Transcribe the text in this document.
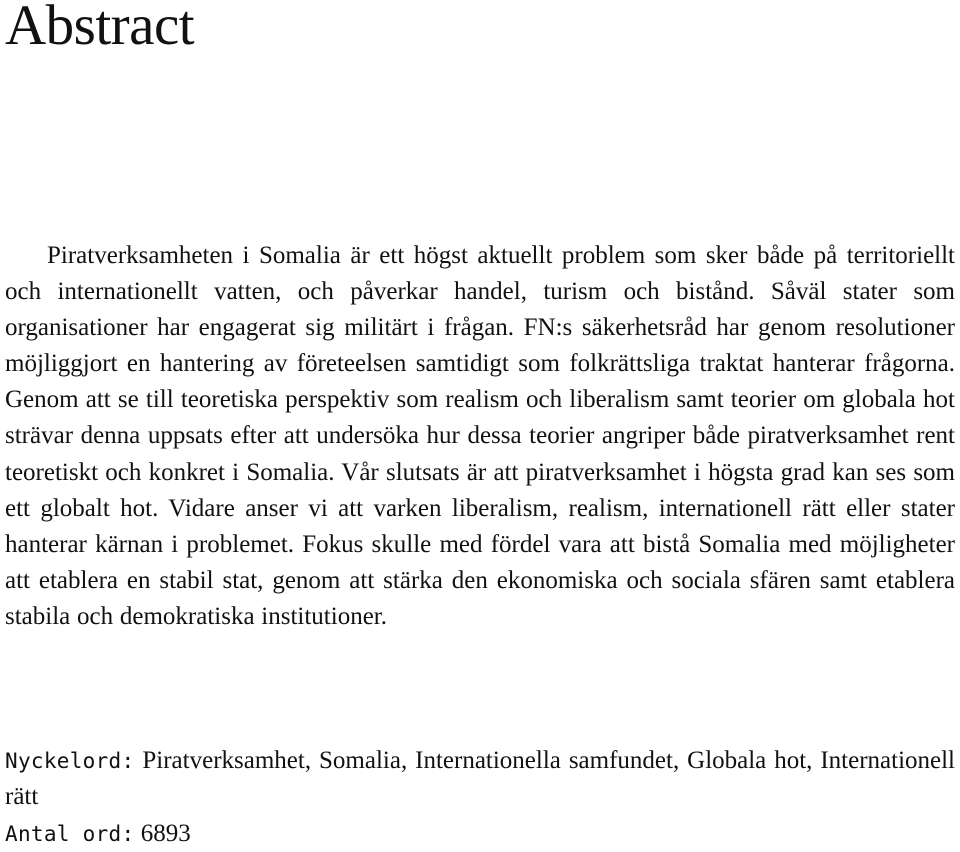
Abstract

Piratverksamheten i Somalia är ett högst aktuellt problem som sker både på territoriellt och internationellt vatten, och påverkar handel, turism och bistånd. Såväl stater som organisationer har engagerat sig militärt i frågan. FN:s säkerhetsråd har genom resolutioner möjliggjort en hantering av företeelsen samtidigt som folkrättsliga traktat hanterar frågorna. Genom att se till teoretiska perspektiv som realism och liberalism samt teorier om globala hot strävar denna uppsats efter att undersöka hur dessa teorier angriper både piratverksamhet rent teoretiskt och konkret i Somalia. Vår slutsats är att piratverksamhet i högsta grad kan ses som ett globalt hot. Vidare anser vi att varken liberalism, realism, internationell rätt eller stater hanterar kärnan i problemet. Fokus skulle med fördel vara att bistå Somalia med möjligheter att etablera en stabil stat, genom att stärka den ekonomiska och sociala sfären samt etablera stabila och demokratiska institutioner.

Nyckelord: Piratverksamhet, Somalia, Internationella samfundet, Globala hot, Internationell rätt

Antal ord: 6893
